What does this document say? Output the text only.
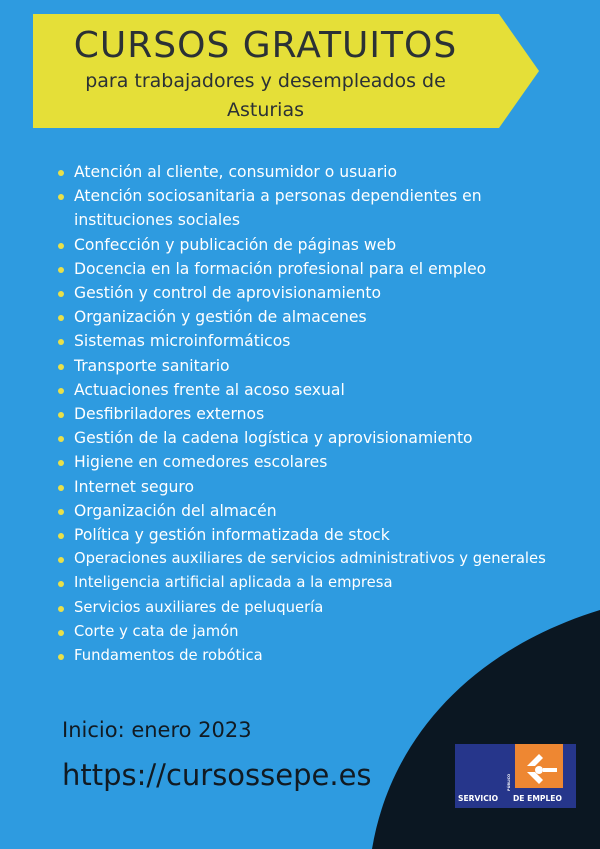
CURSOS GRATUITOS
para trabajadores y desempleados de
Asturias
Atención al cliente, consumidor o usuario
Atención sociosanitaria a personas dependientes en instituciones sociales
Confección y publicación de páginas web
Docencia en la formación profesional para el empleo
Gestión y control de aprovisionamiento
Organización y gestión de almacenes
Sistemas microinformáticos
Transporte sanitario
Actuaciones frente al acoso sexual
Desfibriladores externos
Gestión de la cadena logística y aprovisionamiento
Higiene en comedores escolares
Internet seguro
Organización del almacén
Política y gestión informatizada de stock
Operaciones auxiliares de servicios administrativos y generales
Inteligencia artificial aplicada a la empresa
Servicios auxiliares de peluquería
Corte y cata de jamón
Fundamentos de robótica
Inicio: enero 2023
https://cursossepe.es
SERVICIO
PÚBLICO
DE EMPLEO
